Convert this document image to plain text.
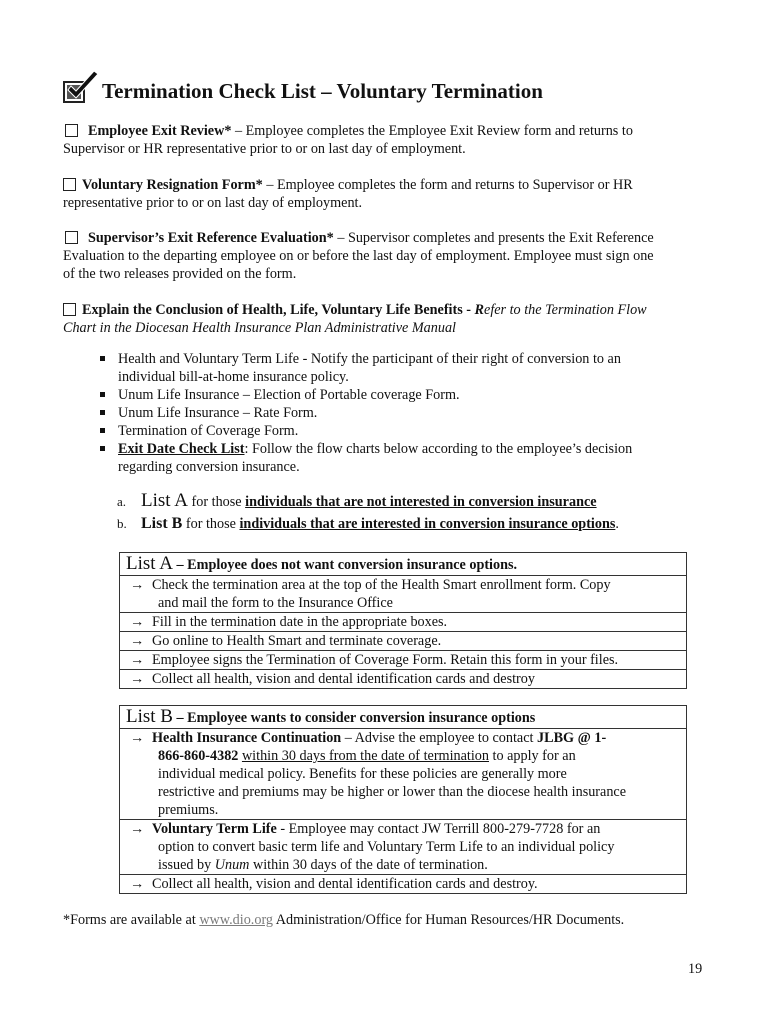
Termination Check List – Voluntary Termination
Employee Exit Review* – Employee completes the Employee Exit Review form and returns to
Supervisor or HR representative prior to or on last day of employment.
Voluntary Resignation Form* – Employee completes the form and returns to Supervisor or HR
representative prior to or on last day of employment.
Supervisor’s Exit Reference Evaluation* – Supervisor completes and presents the Exit Reference
Evaluation to the departing employee on or before the last day of employment. Employee must sign one
of the two releases provided on the form.
Explain the Conclusion of Health, Life, Voluntary Life Benefits - Refer to the Termination Flow
Chart in the Diocesan Health Insurance Plan Administrative Manual
Health and Voluntary Term Life - Notify the participant of their right of conversion to an
individual bill-at-home insurance policy.
Unum Life Insurance – Election of Portable coverage Form.
Unum Life Insurance – Rate Form.
Termination of Coverage Form.
Exit Date Check List: Follow the flow charts below according to the employee’s decision
regarding conversion insurance.
a. List A for those individuals that are not interested in conversion insurance
b. List B for those individuals that are interested in conversion insurance options.
List A – Employee does not want conversion insurance options.

→ Check the termination area at the top of the Health Smart enrollment form. Copy
and mail the form to the Insurance Office

→ Fill in the termination date in the appropriate boxes.

→ Go online to Health Smart and terminate coverage.

→ Employee signs the Termination of Coverage Form. Retain this form in your files.

→ Collect all health, vision and dental identification cards and destroy
List B – Employee wants to consider conversion insurance options

→ Health Insurance Continuation – Advise the employee to contact JLBG @ 1-
866-860-4382 within 30 days from the date of termination to apply for an
individual medical policy. Benefits for these policies are generally more
restrictive and premiums may be higher or lower than the diocese health insurance
premiums.

→ Voluntary Term Life - Employee may contact JW Terrill 800-279-7728 for an
option to convert basic term life and Voluntary Term Life to an individual policy
issued by Unum within 30 days of the date of termination.

→ Collect all health, vision and dental identification cards and destroy.
*Forms are available at www.dio.org Administration/Office for Human Resources/HR Documents.
19
